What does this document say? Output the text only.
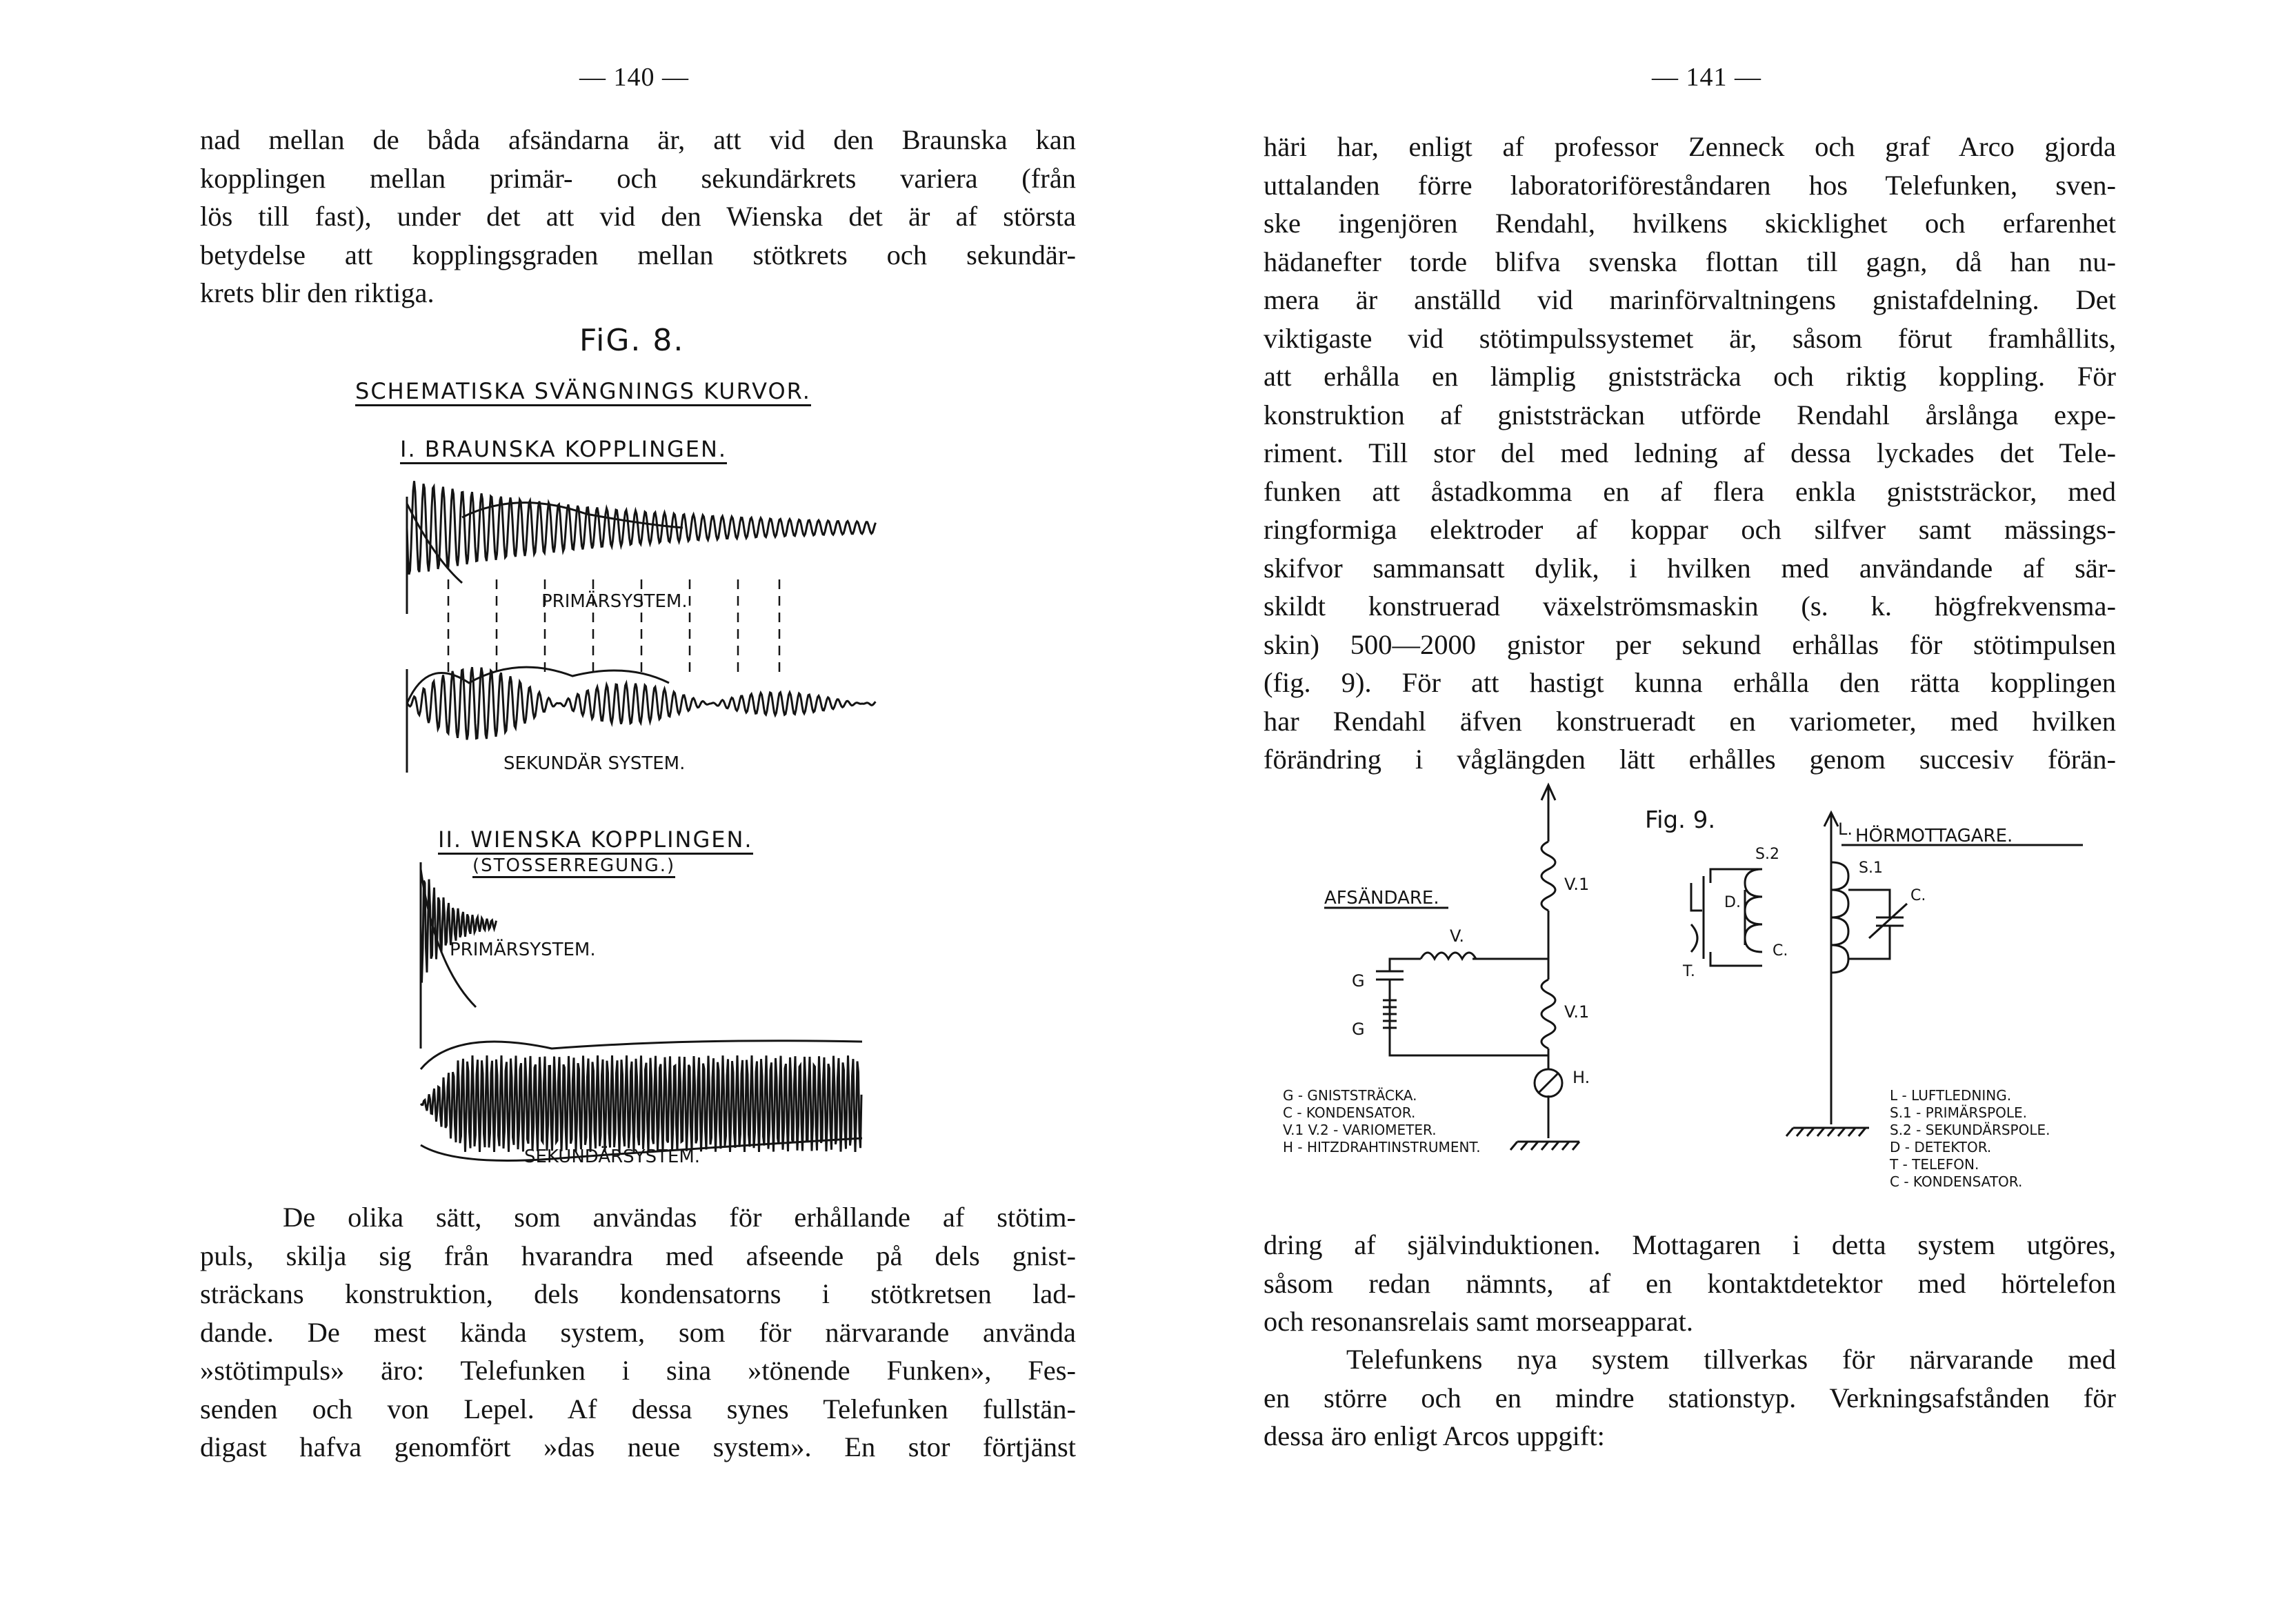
— 140 —

nad mellan de båda afsändarna är, att vid den Braunska kan
kopplingen mellan primär- och sekundärkrets variera (från
lös till fast), under det att vid den Wienska det är af största
betydelse att kopplingsgraden mellan stötkrets och sekundär-
krets blir den riktiga.

FiG. 8.
SCHEMATISKA SVÄNGNINGS KURVOR.
I. BRAUNSKA KOPPLINGEN.
PRIMÄRSYSTEM.
SEKUNDÄR SYSTEM.
II. WIENSKA KOPPLINGEN.
(STOSSERREGUNG.)
PRIMÄRSYSTEM.
SEKUNDÄRSYSTEM.

De olika sätt, som användas för erhållande af stötim-
puls, skilja sig från hvarandra med afseende på dels gnist-
sträckans konstruktion, dels kondensatorns i stötkretsen lad-
dande. De mest kända system, som för närvarande använda
»stötimpuls» äro: Telefunken i sina »tönende Funken», Fes-
senden och von Lepel. Af dessa synes Telefunken fullstän-
digast hafva genomfört »das neue system». En stor förtjänst

— 141 —

häri har, enligt af professor Zenneck och graf Arco gjorda
uttalanden förre laboratoriföreståndaren hos Telefunken, sven-
ske ingenjören Rendahl, hvilkens skicklighet och erfarenhet
hädanefter torde blifva svenska flottan till gagn, då han nu-
mera är anställd vid marinförvaltningens gnistafdelning. Det
viktigaste vid stötimpulssystemet är, såsom förut framhållits,
att erhålla en lämplig gniststräcka och riktig koppling. För
konstruktion af gniststräckan utförde Rendahl årslånga expe-
riment. Till stor del med ledning af dessa lyckades det Tele-
funken att åstadkomma en af flera enkla gniststräckor, med
ringformiga elektroder af koppar och silfver samt mässings-
skifvor sammansatt dylik, i hvilken med användande af sär-
skildt konstruerad växelströmsmaskin (s. k. högfrekvensma-
skin) 500—2000 gnistor per sekund erhållas för stötimpulsen
(fig. 9). För att hastigt kunna erhålla den rätta kopplingen
har Rendahl äfven konstrueradt en variometer, med hvilken
förändring i våglängden lätt erhålles genom succesiv förän-

Fig. 9.
AFSÄNDARE.
HÖRMOTTAGARE.
V.
V.1
V.1
G
G
H.
L.
D.
S.2
S.1
C.
C.
T.
G - GNISTSTRÄCKA.
C - KONDENSATOR.
V.1 V.2 - VARIOMETER.
H - HITZDRAHTINSTRUMENT.
L - LUFTLEDNING.
S.1 - PRIMÄRSPOLE.
S.2 - SEKUNDÄRSPOLE.
D - DETEKTOR.
T - TELEFON.
C - KONDENSATOR.

dring af självinduktionen. Mottagaren i detta system utgöres,
såsom redan nämnts, af en kontaktdetektor med hörtelefon
och resonansrelais samt morseapparat.

Telefunkens nya system tillverkas för närvarande med
en större och en mindre stationstyp. Verkningsafstånden för
dessa äro enligt Arcos uppgift:
